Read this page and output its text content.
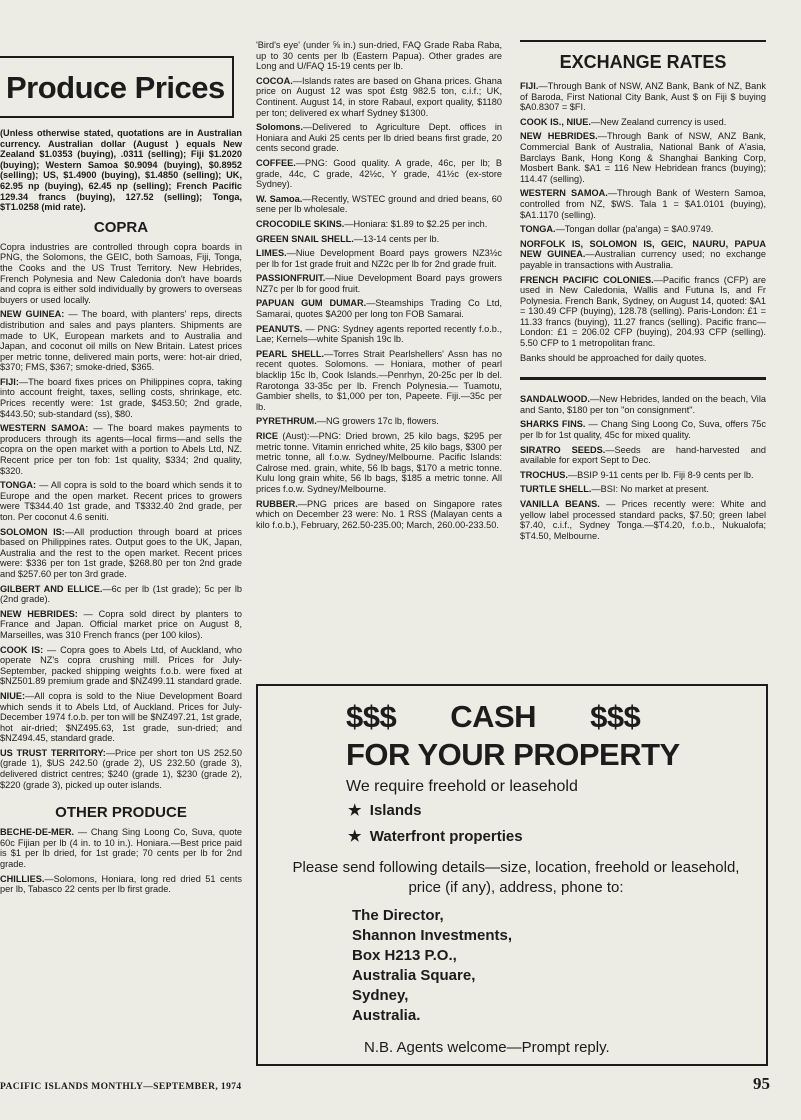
Produce Prices

(Unless otherwise stated, quotations are in Australian currency. Australian dollar (August ) equals New Zealand $1.0353 (buying), .0311 (selling); Fiji $1.2020 (buying); Western Samoa $0.9094 (buying), $0.8952 (selling); US, $1.4900 (buying), $1.4850 (selling); UK, 62.95 np (buying), 62.45 np (selling); French Pacific 129.34 francs (buying), 127.52 (selling); Tonga, $T1.0258 (mid rate).

COPRA

Copra industries are controlled through copra boards in PNG, the Solomons, the GEIC, both Samoas, Fiji, Tonga, the Cooks and the US Trust Territory. New Hebrides, French Polynesia and New Caledonia don't have boards and copra is either sold individually by growers to overseas buyers or used locally.

NEW GUINEA: — The board, with planters' reps, directs distribution and sales and pays planters. Shipments are made to UK, European markets and to Australia and Japan, and coconut oil mills on New Britain. Latest prices per metric tonne, delivered main ports, were: hot-air dried, $370; FMS, $367; smoke-dried, $365.

FIJI:—The board fixes prices on Philippines copra, taking into account freight, taxes, selling costs, shrinkage, etc. Prices recently were: 1st grade, $453.50; 2nd grade, $443.50; sub-standard (ss), $80.

WESTERN SAMOA: — The board makes payments to producers through its agents—local firms—and sells the copra on the open market with a portion to Abels Ltd, NZ. Recent price per ton fob: 1st quality, $334; 2nd quality, $320.

TONGA: — All copra is sold to the board which sends it to Europe and the open market. Recent prices to growers were T$344.40 1st grade, and T$332.40 2nd grade, per ton. Per coconut 4.6 seniti.

SOLOMON IS:—All production through board at prices based on Philippines rates. Output goes to the UK, Japan, Australia and the rest to the open market. Recent prices were: $336 per ton 1st grade, $268.80 per ton 2nd grade and $257.60 per ton 3rd grade.

GILBERT AND ELLICE.—6c per lb (1st grade); 5c per lb (2nd grade).

NEW HEBRIDES: — Copra sold direct by planters to France and Japan. Official market price on August 8, Marseilles, was 310 French francs (per 100 kilos).

COOK IS: — Copra goes to Abels Ltd, of Auckland, who operate NZ's copra crushing mill. Prices for July-September, packed shipping weights f.o.b. were fixed at $NZ501.89 premium grade and $NZ499.11 standard grade.

NIUE:—All copra is sold to the Niue Development Board which sends it to Abels Ltd, of Auckland. Prices for July-December 1974 f.o.b. per ton will be $NZ497.21, 1st grade, hot air-dried; $NZ495.63, 1st grade, sun-dried; and $NZ494.45, standard grade.

US TRUST TERRITORY:—Price per short ton US 252.50 (grade 1), $US 242.50 (grade 2), US 232.50 (grade 3), delivered district centres; $240 (grade 1), $230 (grade 2), $220 (grade 3), picked up outer islands.

OTHER PRODUCE

BECHE-DE-MER. — Chang Sing Loong Co, Suva, quote 60c Fijian per lb (4 in. to 10 in.). Honiara.—Best price paid is $1 per lb dried, for 1st grade; 70 cents per lb for 2nd grade.

CHILLIES.—Solomons, Honiara, long red dried 51 cents per lb, Tabasco 22 cents per lb first grade.

'Bird's eye' (under ⅝ in.) sun-dried, FAQ Grade Raba Raba, up to 30 cents per lb (Eastern Papua). Other grades are Long and U/FAQ 15-19 cents per lb.

COCOA.—Islands rates are based on Ghana prices. Ghana price on August 12 was spot £stg 982.5 ton, c.i.f.; UK, Continent. August 14, in store Rabaul, export quality, $1180 per ton; delivered ex wharf Sydney $1300.

Solomons.—Delivered to Agriculture Dept. offices in Honiara and Auki 25 cents per lb dried beans first grade, 20 cents second grade.

COFFEE.—PNG: Good quality. A grade, 46c, per lb; B grade, 44c, C grade, 42½c, Y grade, 41½c (ex-store Sydney).

W. Samoa.—Recently, WSTEC ground and dried beans, 60 sene per lb wholesale.

CROCODILE SKINS.—Honiara: $1.89 to $2.25 per inch.

GREEN SNAIL SHELL.—13-14 cents per lb.

LIMES.—Niue Development Board pays growers NZ3½c per lb for 1st grade fruit and NZ2c per lb for 2nd grade fruit.

PASSIONFRUIT.—Niue Development Board pays growers NZ7c per lb for good fruit.

PAPUAN GUM DUMAR.—Steamships Trading Co Ltd, Samarai, quotes $A200 per long ton FOB Samarai.

PEANUTS. — PNG: Sydney agents reported recently f.o.b., Lae; Kernels—white Spanish 19c lb.

PEARL SHELL.—Torres Strait Pearlshellers' Assn has no recent quotes. Solomons. — Honiara, mother of pearl blacklip 15c lb, Cook Islands.—Penrhyn, 20-25c per lb del. Rarotonga 33-35c per lb. French Polynesia.— Tuamotu, Gambier shells, to $1,000 per ton, Papeete. Fiji.—35c per lb.

PYRETHRUM.—NG growers 17c lb, flowers.

RICE (Aust):—PNG: Dried brown, 25 kilo bags, $295 per metric tonne. Vitamin enriched white, 25 kilo bags, $300 per metric tonne, all f.o.w. Sydney/Melbourne. Pacific Islands: Calrose med. grain, white, 56 lb bags, $170 a metric tonne. Kulu long grain white, 56 lb bags, $185 a metric tonne. All prices f.o.w. Sydney/Melbourne.

RUBBER.—PNG prices are based on Singapore rates which on December 23 were: No. 1 RSS (Malayan cents a kilo f.o.b.), February, 262.50-235.00; March, 260.00-233.50.

EXCHANGE RATES

FIJI.—Through Bank of NSW, ANZ Bank, Bank of NZ, Bank of Baroda, First National City Bank, Aust $ on Fiji $ buying $A0.8307 = $FI.

COOK IS., NIUE.—New Zealand currency is used.

NEW HEBRIDES.—Through Bank of NSW, ANZ Bank, Commercial Bank of Australia, National Bank of A'asia, Barclays Bank, Hong Kong & Shanghai Banking Corp, Mosbert Bank. $A1 = 116 New Hebridean francs (buying); 114.47 (selling).

WESTERN SAMOA.—Through Bank of Western Samoa, controlled from NZ, $WS. Tala 1 = $A1.0101 (buying), $A1.1170 (selling).

TONGA.—Tongan dollar (pa'anga) = $A0.9749.

NORFOLK IS, SOLOMON IS, GEIC, NAURU, PAPUA NEW GUINEA.—Australian currency used; no exchange payable in transactions with Australia.

FRENCH PACIFIC COLONIES.—Pacific francs (CFP) are used in New Caledonia, Wallis and Futuna Is, and Fr Polynesia. French Bank, Sydney, on August 14, quoted: $A1 = 130.49 CFP (buying), 128.78 (selling). Paris-London: £1 = 11.33 francs (buying), 11.27 francs (selling). Pacific franc—London: £1 = 206.02 CFP (buying), 204.93 CFP (selling). 5.50 CFP to 1 metropolitan franc.

Banks should be approached for daily quotes.

SANDALWOOD.—New Hebrides, landed on the beach, Vila and Santo, $180 per ton "on consignment".

SHARKS FINS. — Chang Sing Loong Co, Suva, offers 75c per lb for 1st quality, 45c for mixed quality.

SIRATRO SEEDS.—Seeds are hand-harvested and available for export Sept to Dec.

TROCHUS.—BSIP 9-11 cents per lb. Fiji 8-9 cents per lb.

TURTLE SHELL.—BSI: No market at present.

VANILLA BEANS. — Prices recently were: White and yellow label processed standard packs, $7.50; green label $7.40, c.i.f., Sydney Tonga.—$T4.20, f.o.b., Nukualofa; $T4.50, Melbourne.

$$$ CASH $$$
FOR YOUR PROPERTY
We require freehold or leasehold
★ Islands
★ Waterfront properties
Please send following details—size, location, freehold or leasehold, price (if any), address, phone to:
The Director,
Shannon Investments,
Box H213 P.O.,
Australia Square,
Sydney,
Australia.
N.B. Agents welcome—Prompt reply.
PACIFIC ISLANDS MONTHLY—SEPTEMBER, 1974	95
